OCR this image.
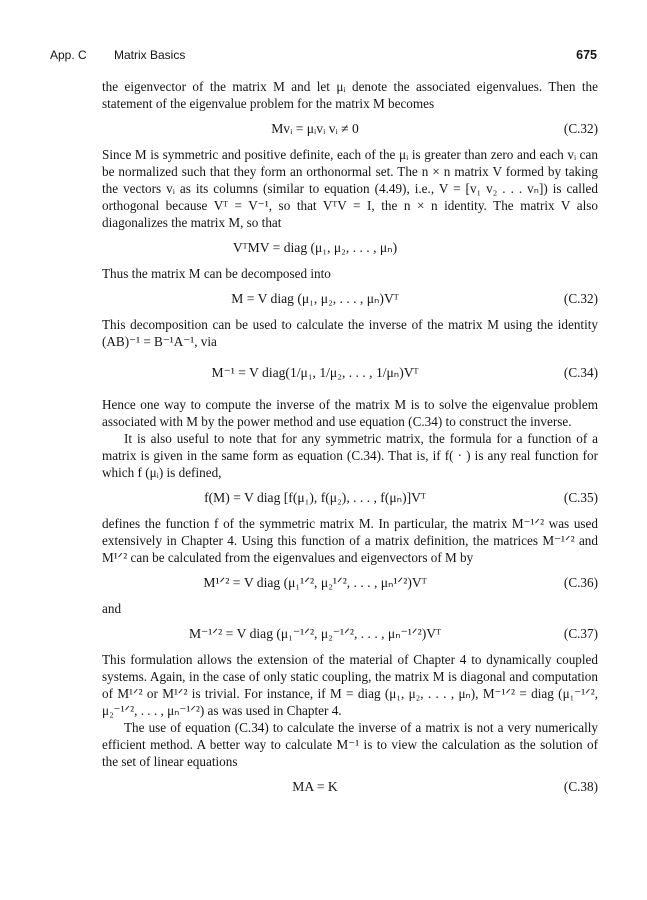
App. C Matrix Basics	675

the eigenvector of the matrix M and let μᵢ denote the associated eigenvalues. Then the statement of the eigenvalue problem for the matrix M becomes

Mvᵢ = μᵢvᵢ vᵢ ≠ 0	(C.32)

Since M is symmetric and positive definite, each of the μᵢ is greater than zero and each vᵢ can be normalized such that they form an orthonormal set. The n × n matrix V formed by taking the vectors vᵢ as its columns (similar to equation (4.49), i.e., V = [v₁ v₂ . . . vₙ]) is called orthogonal because Vᵀ = V⁻¹, so that VᵀV = I, the n × n identity. The matrix V also diagonalizes the matrix M, so that

VᵀMV = diag (μ₁, μ₂, . . . , μₙ)

Thus the matrix M can be decomposed into

M = V diag (μ₁, μ₂, . . . , μₙ)Vᵀ	(C.32)

This decomposition can be used to calculate the inverse of the matrix M using the identity (AB)⁻¹ = B⁻¹A⁻¹, via

M⁻¹ = V diag(1/μ₁, 1/μ₂, . . . , 1/μₙ)Vᵀ	(C.34)

Hence one way to compute the inverse of the matrix M is to solve the eigenvalue problem associated with M by the power method and use equation (C.34) to construct the inverse.

It is also useful to note that for any symmetric matrix, the formula for a function of a matrix is given in the same form as equation (C.34). That is, if f( · ) is any real function for which f (μᵢ) is defined,

f(M) = V diag [f(μ₁), f(μ₂), . . . , f(μₙ)]Vᵀ	(C.35)

defines the function f of the symmetric matrix M. In particular, the matrix M⁻¹ᐟ² was used extensively in Chapter 4. Using this function of a matrix definition, the matrices M⁻¹ᐟ² and M¹ᐟ² can be calculated from the eigenvalues and eigenvectors of M by

M¹ᐟ² = V diag (μ₁¹ᐟ², μ₂¹ᐟ², . . . , μₙ¹ᐟ²)Vᵀ	(C.36)

and

M⁻¹ᐟ² = V diag (μ₁⁻¹ᐟ², μ₂⁻¹ᐟ², . . . , μₙ⁻¹ᐟ²)Vᵀ	(C.37)

This formulation allows the extension of the material of Chapter 4 to dynamically coupled systems. Again, in the case of only static coupling, the matrix M is diagonal and computation of M¹ᐟ² or M¹ᐟ² is trivial. For instance, if M = diag (μ₁, μ₂, . . . , μₙ), M⁻¹ᐟ² = diag (μ₁⁻¹ᐟ², μ₂⁻¹ᐟ², . . . , μₙ⁻¹ᐟ²) as was used in Chapter 4.

The use of equation (C.34) to calculate the inverse of a matrix is not a very numerically efficient method. A better way to calculate M⁻¹ is to view the calculation as the solution of the set of linear equations

MA = K	(C.38)
